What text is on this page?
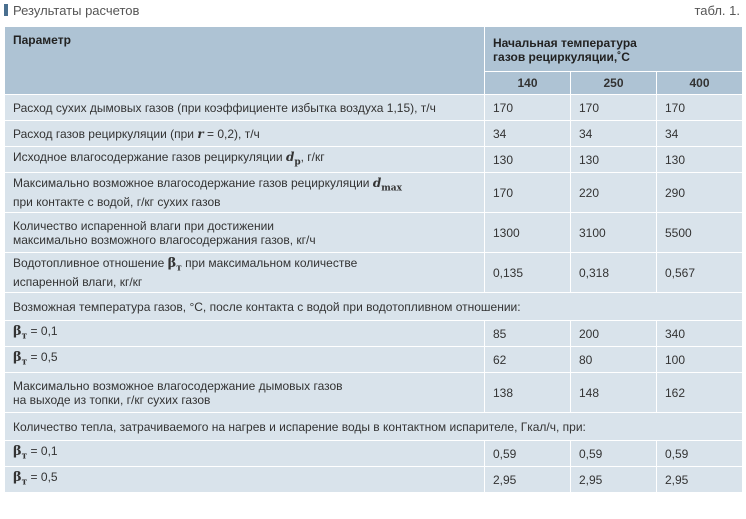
Результаты расчетов	табл. 1.
Параметр	Начальная температура
газов рециркуляции,˚С		

	140	250	400
Расход сухих дымовых газов (при коэффициенте избытка воздуха 1,15), т/ч	170	170	170
Расход газов рециркуляции (при r = 0,2), т/ч	34	34	34
Исходное влагосодержание газов рециркуляции $d_p$, г/кг	130	130	130

Максимально возможное влагосодержание газов рециркуляции $d_{max}$
при контакте с водой, г/кг сухих газов	170	220	290

Количество испаренной влаги при достижении
максимально возможного влагосодержания газов, кг/ч	1300	3100	5500

Водотопливное отношение $\beta_т$ при максимальном количестве
испаренной влаги, кг/кг	0,135	0,318	0,567
Возможная температура газов, °С, после контакта с водой при водотопливном отношении:			
$\beta_т = 0,1$	85	200	340
$\beta_т = 0,5$	62	80	100

Максимально возможное влагосодержание дымовых газов
на выходе из топки, г/кг сухих газов	138	148	162
Количество тепла, затрачиваемого на нагрев и испарение воды в контактном испарителе, Гкал/ч, при:			
$\beta_т = 0,1$	0,59	0,59	0,59
$\beta_т = 0,5$	2,95	2,95	2,95
